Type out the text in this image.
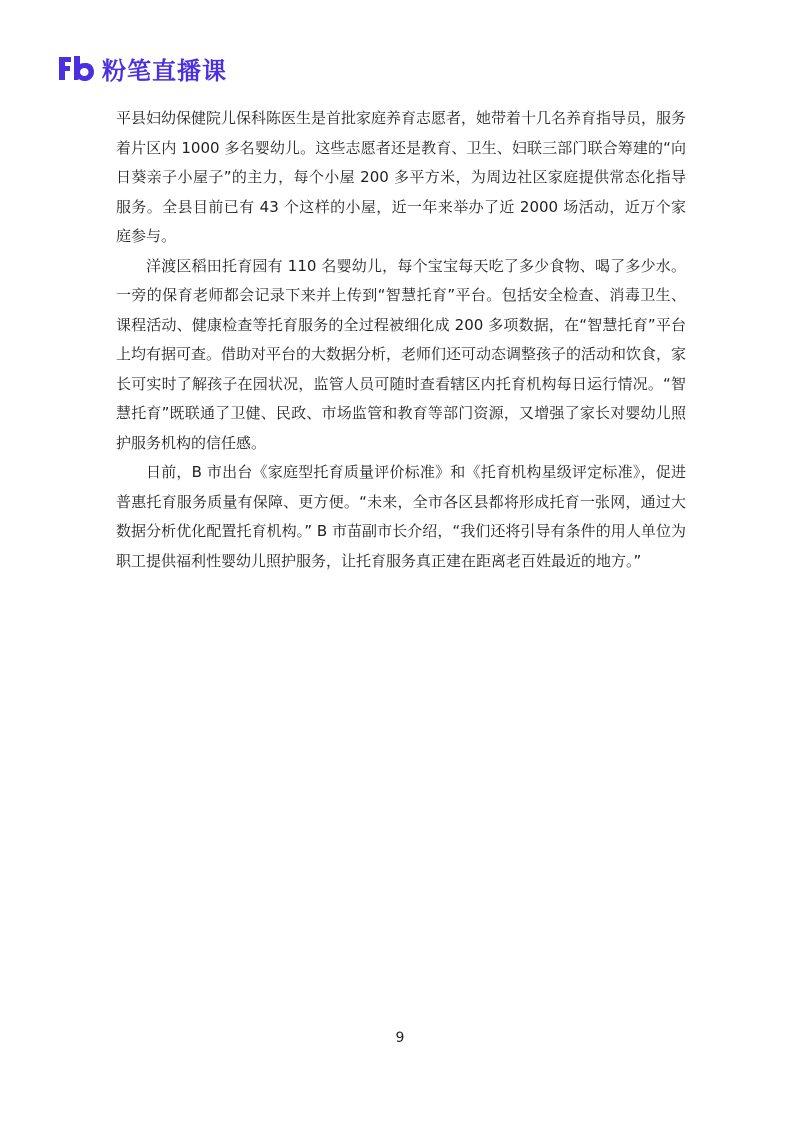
粉笔直播课

平县妇幼保健院儿保科陈医生是首批家庭养育志愿者，她带着十几名养育指导员，服务着片区内 1000 多名婴幼儿。这些志愿者还是教育、卫生、妇联三部门联合筹建的“向日葵亲子小屋子”的主力，每个小屋 200 多平方米，为周边社区家庭提供常态化指导服务。全县目前已有 43 个这样的小屋，近一年来举办了近 2000 场活动，近万个家庭参与。

洋渡区稻田托育园有 110 名婴幼儿，每个宝宝每天吃了多少食物、喝了多少水。一旁的保育老师都会记录下来并上传到“智慧托育”平台。包括安全检查、消毒卫生、课程活动、健康检查等托育服务的全过程被细化成 200 多项数据，在“智慧托育”平台上均有据可查。借助对平台的大数据分析，老师们还可动态调整孩子的活动和饮食，家长可实时了解孩子在园状况，监管人员可随时查看辖区内托育机构每日运行情况。“智慧托育”既联通了卫健、民政、市场监管和教育等部门资源，又增强了家长对婴幼儿照护服务机构的信任感。

日前，B 市出台《家庭型托育质量评价标准》和《托育机构星级评定标准》，促进普惠托育服务质量有保障、更方便。“未来，全市各区县都将形成托育一张网，通过大数据分析优化配置托育机构。” B 市苗副市长介绍，“我们还将引导有条件的用人单位为职工提供福利性婴幼儿照护服务，让托育服务真正建在距离老百姓最近的地方。”

9
